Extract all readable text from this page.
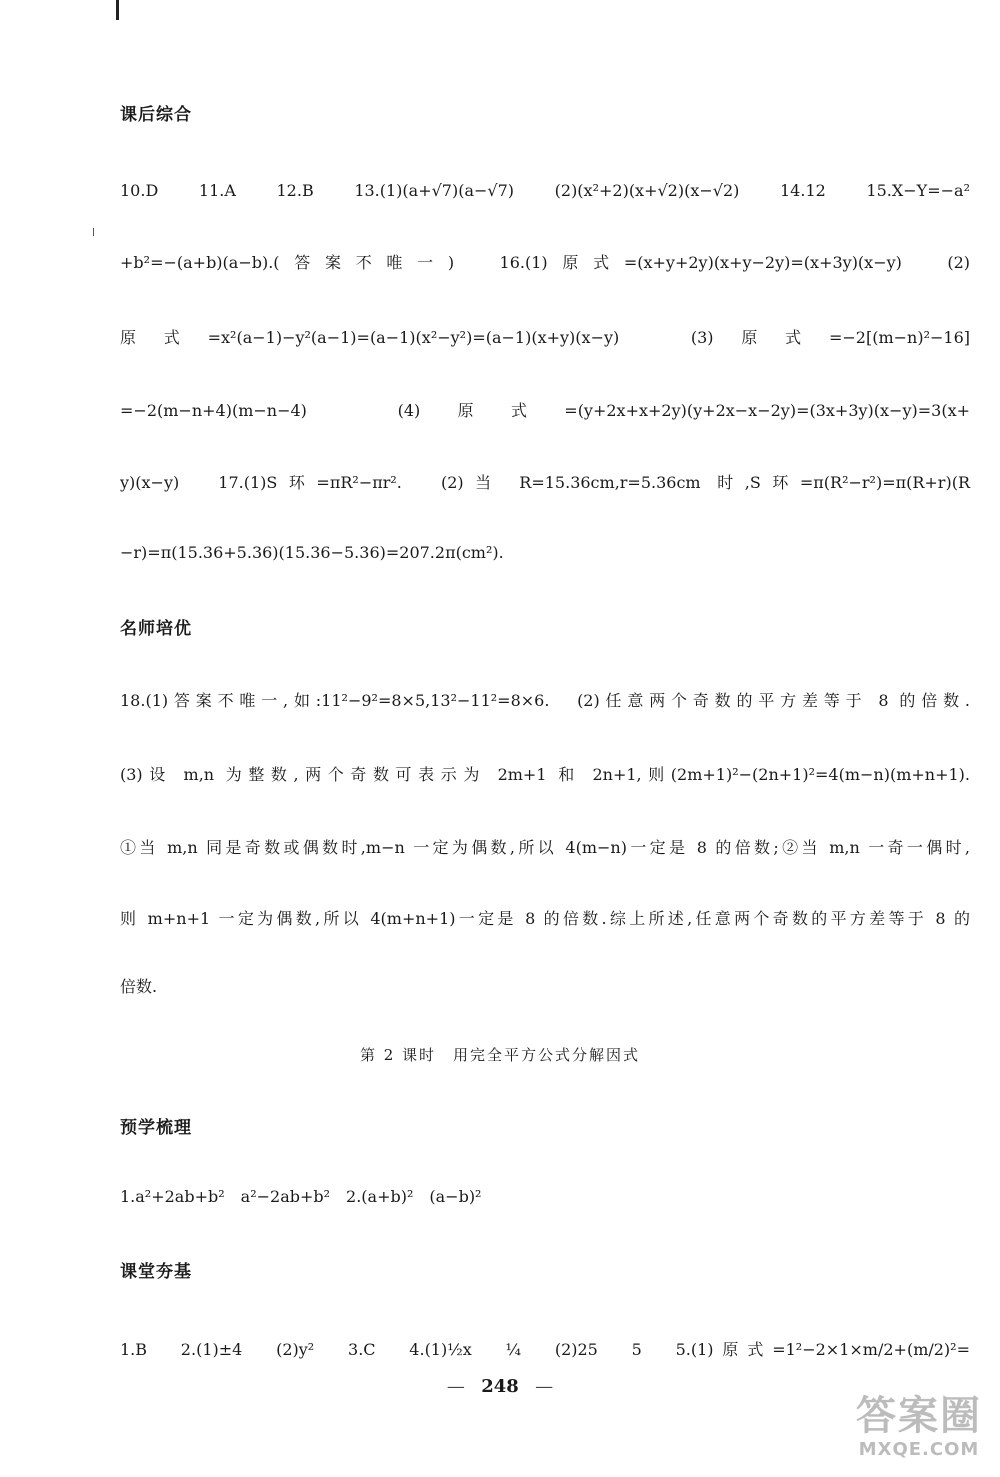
课后综合
10.D　11.A　12.B　13.(1)(a+√7)(a−√7)　(2)(x²+2)(x+√2)(x−√2)　14.12　15.X−Y=−a²
+b²=−(a+b)(a−b).(答案不唯一)　16.(1)原式=(x+y+2y)(x+y−2y)=(x+3y)(x−y)　(2)
原式=x²(a−1)−y²(a−1)=(a−1)(x²−y²)=(a−1)(x+y)(x−y)　(3)原式=−2[(m−n)²−16]
=−2(m−n+4)(m−n−4)　(4)原式=(y+2x+x+2y)(y+2x−x−2y)=(3x+3y)(x−y)=3(x+
y)(x−y)　17.(1)S环=πR²−πr².　(2)当 R=15.36cm,r=5.36cm 时,S环=π(R²−r²)=π(R+r)(R
−r)=π(15.36+5.36)(15.36−5.36)=207.2π(cm²).
名师培优
18.(1)答案不唯一,如:11²−9²=8×5,13²−11²=8×6.　(2)任意两个奇数的平方差等于 8 的倍数.
(3)设 m,n 为整数,两个奇数可表示为 2m+1 和 2n+1,则(2m+1)²−(2n+1)²=4(m−n)(m+n+1).
①当 m,n 同是奇数或偶数时,m−n 一定为偶数,所以 4(m−n)一定是 8 的倍数;②当 m,n 一奇一偶时,
则 m+n+1 一定为偶数,所以 4(m+n+1)一定是 8 的倍数.综上所述,任意两个奇数的平方差等于 8 的
倍数.
第 2 课时　用完全平方公式分解因式
预学梳理
1.a²+2ab+b²　a²−2ab+b²　2.(a+b)²　(a−b)²
课堂夯基
1.B　2.(1)±4　(2)y²　3.C　4.(1)½x　¼　(2)25　5　5.(1)原式=1²−2×1×m/2+(m/2)²=
— 248 —
答案圈
MXQE.COM
